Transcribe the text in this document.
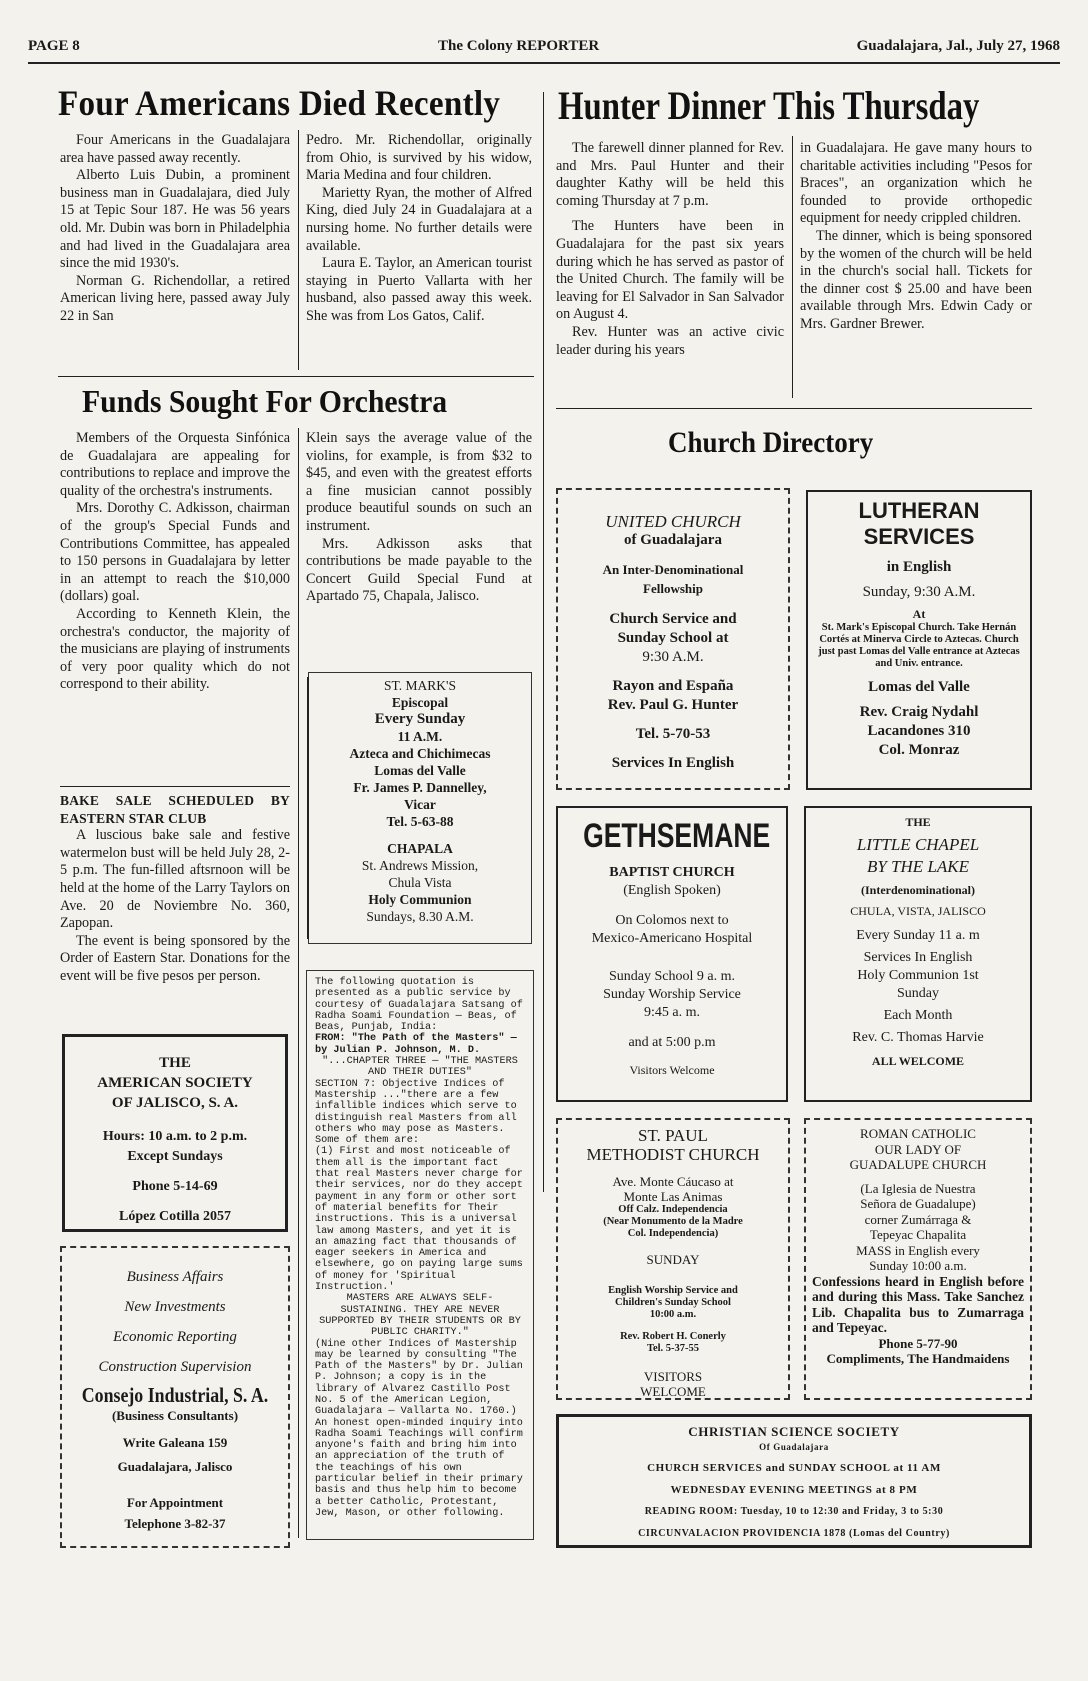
PAGE 8	The Colony REPORTER	Guadalajara, Jal., July 27, 1968
Four Americans Died Recently

Four Americans in the Guadalajara area have passed away recently.

Alberto Luis Dubin, a prominent business man in Guadalajara, died July 15 at Tepic Sour 187. He was 56 years old. Mr. Dubin was born in Philadelphia and had lived in the Guadalajara area since the mid 1930's.

Norman G. Richendollar, a retired American living here, passed away July 22 in San

Pedro. Mr. Richendollar, originally from Ohio, is survived by his widow, Maria Medina and four children.

Marietty Ryan, the mother of Alfred King, died July 24 in Guadalajara at a nursing home. No further details were available.

Laura E. Taylor, an American tourist staying in Puerto Vallarta with her husband, also passed away this week. She was from Los Gatos, Calif.

Funds Sought For Orchestra

Members of the Orquesta Sinfónica de Guadalajara are appealing for contributions to replace and improve the quality of the orchestra's instruments.

Mrs. Dorothy C. Adkisson, chairman of the group's Special Funds and Contributions Committee, has appealed to 150 persons in Guadalajara by letter in an attempt to reach the $10,000 (dollars) goal.

According to Kenneth Klein, the orchestra's conductor, the majority of the musicians are playing of instruments of very poor quality which do not correspond to their ability.

Klein says the average value of the violins, for example, is from $32 to $45, and even with the greatest efforts a fine musician cannot possibly produce beautiful sounds on such an instrument.

Mrs. Adkisson asks that contributions be made payable to the Concert Guild Special Fund at Apartado 75, Chapala, Jalisco.

BAKE SALE SCHEDULED BY EASTERN STAR CLUB

A luscious bake sale and festive watermelon bust will be held July 28, 2-5 p.m. The fun-filled aftsrnoon will be held at the home of the Larry Taylors on Ave. 20 de Noviembre No. 360, Zapopan.

The event is being sponsored by the Order of Eastern Star. Donations for the event will be five pesos per person.

THE
AMERICAN SOCIETY
OF JALISCO, S. A.
Hours: 10 a.m. to 2 p.m.
Except Sundays
Phone 5-14-69
López Cotilla 2057
Business Affairs
New Investments
Economic Reporting
Construction Supervision
Consejo Industrial, S. A.
(Business Consultants)
Write Galeana 159
Guadalajara, Jalisco
For Appointment
Telephone 3-82-37
ST. MARK'S
Episcopal
Every Sunday
11 A.M.
Azteca and Chichimecas
Lomas del Valle
Fr. James P. Dannelley,
Vicar
Tel. 5-63-88
CHAPALA
St. Andrews Mission,
Chula Vista
Holy Communion
Sundays, 8.30 A.M.

The following quotation is presented as a public service by courtesy of Guadalajara Satsang of Radha Soami Foundation — Beas, of Beas, Punjab, India:

FROM: "The Path of the Masters" — by Julian P. Johnson, M. D.

"...CHAPTER THREE — "THE MASTERS AND THEIR DUTIES"

SECTION 7: Objective Indices of Mastership ..."there are a few infallible indices which serve to distinguish real Masters from all others who may pose as Masters. Some of them are:

(1) First and most noticeable of them all is the important fact that real Masters never charge for their services, nor do they accept payment in any form or other sort of material benefits for Their instructions. This is a universal law among Masters, and yet it is an amazing fact that thousands of eager seekers in America and elsewhere, go on paying large sums of money for 'Spiritual Instruction.'

MASTERS ARE ALWAYS SELF-SUSTAINING. THEY ARE NEVER SUPPORTED BY THEIR STUDENTS OR BY PUBLIC CHARITY."

(Nine other Indices of Mastership may be learned by consulting "The Path of the Masters" by Dr. Julian P. Johnson; a copy is in the library of Alvarez Castillo Post No. 5 of the American Legion, Guadalajara — Vallarta No. 1760.)

An honest open-minded inquiry into Radha Soami Teachings will confirm anyone's faith and bring him into an appreciation of the truth of the teachings of his own particular belief in their primary basis and thus help him to become a better Catholic, Protestant, Jew, Mason, or other following.

Hunter Dinner This Thursday

The farewell dinner planned for Rev. and Mrs. Paul Hunter and their daughter Kathy will be held this coming Thursday at 7 p.m.

The Hunters have been in Guadalajara for the past six years during which he has served as pastor of the United Church. The family will be leaving for El Salvador in San Salvador on August 4.

Rev. Hunter was an active civic leader during his years

in Guadalajara. He gave many hours to charitable activities including "Pesos for Braces", an organization which he founded to provide orthopedic equipment for needy crippled children.

The dinner, which is being sponsored by the women of the church will be held in the church's social hall. Tickets for the dinner cost $ 25.00 and have been available through Mrs. Edwin Cady or Mrs. Gardner Brewer.

Church Directory
UNITED CHURCH
of Guadalajara
An Inter-Denominational
Fellowship
Church Service and
Sunday School at
9:30 A.M.
Rayon and España
Rev. Paul G. Hunter
Tel. 5-70-53
Services In English
LUTHERAN
SERVICES
in English
Sunday, 9:30 A.M.
At
St. Mark's Episcopal Church. Take Hernán Cortés at Minerva Circle to Aztecas. Church just past Lomas del Valle entrance at Aztecas and Univ. entrance.
Lomas del Valle
Rev. Craig Nydahl
Lacandones 310
Col. Monraz
GETHSEMANE
BAPTIST CHURCH
(English Spoken)
On Colomos next to
Mexico-Americano Hospital
Sunday School 9 a. m.
Sunday Worship Service
9:45 a. m.
and at 5:00 p.m
Visitors Welcome
THE
LITTLE CHAPEL
BY THE LAKE
(Interdenominational)
CHULA, VISTA, JALISCO
Every Sunday 11 a. m
Services In English
Holy Communion 1st
Sunday
Each Month
Rev. C. Thomas Harvie
ALL WELCOME
ST. PAUL
METHODIST CHURCH
Ave. Monte Cáucaso at
Monte Las Animas
Off Calz. Independencia
(Near Monumento de la Madre
Col. Independencia)
SUNDAY
English Worship Service and
Children's Sunday School
10:00 a.m.
Rev. Robert H. Conerly
Tel. 5-37-55
VISITORS
WELCOME
ROMAN CATHOLIC
OUR LADY OF
GUADALUPE CHURCH
(La Iglesia de Nuestra
Señora de Guadalupe)
corner Zumárraga &
Tepeyac Chapalita
MASS in English every
Sunday 10:00 a.m.
Confessions heard in English before and during this Mass. Take Sanchez Lib. Chapalita bus to Zumarraga and Tepeyac.
Phone 5-77-90
Compliments, The Handmaidens
CHRISTIAN SCIENCE SOCIETY
Of Guadalajara
CHURCH SERVICES and SUNDAY SCHOOL at 11 AM
WEDNESDAY EVENING MEETINGS at 8 PM
READING ROOM: Tuesday, 10 to 12:30 and Friday, 3 to 5:30
CIRCUNVALACION PROVIDENCIA 1878 (Lomas del Country)
